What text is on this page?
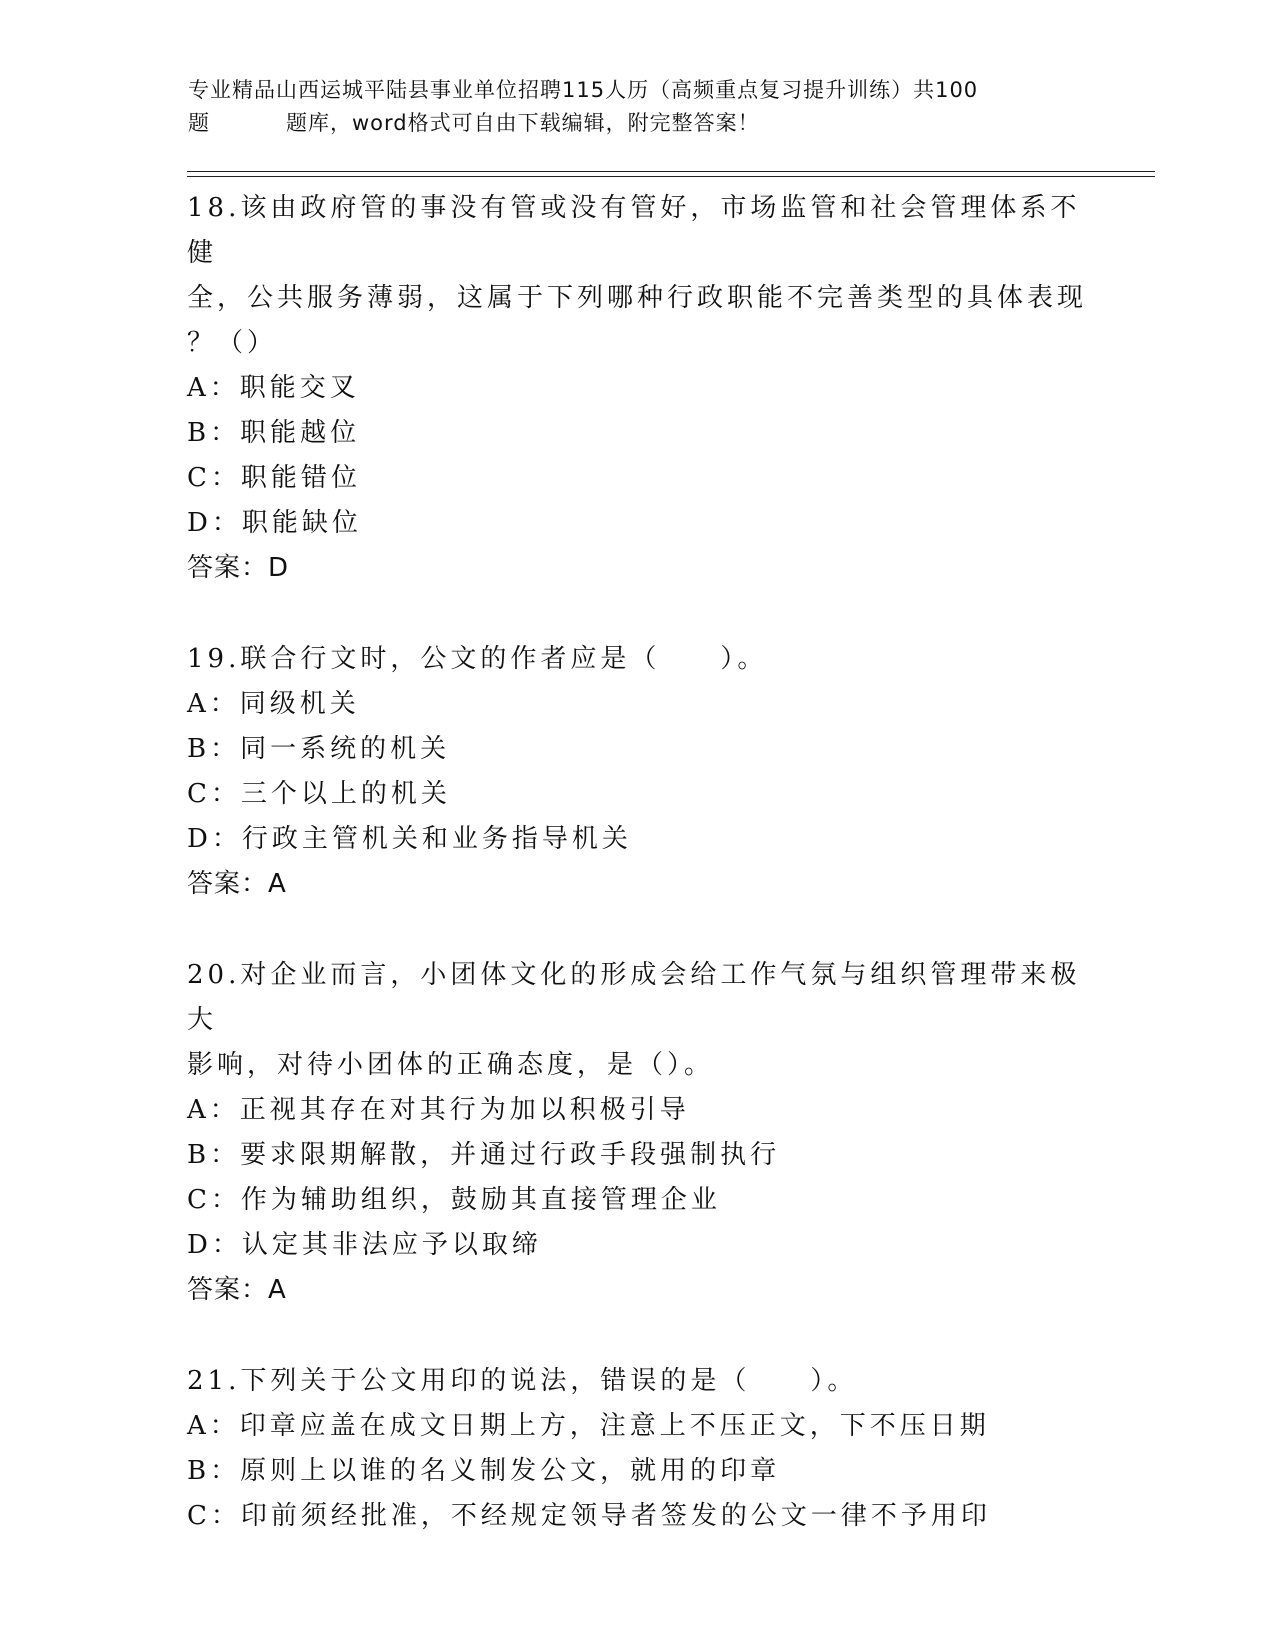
专业精品山西运城平陆县事业单位招聘115人历（高频重点复习提升训练）共100
题	题库，word格式可自由下载编辑，附完整答案！
18.该由政府管的事没有管或没有管好，市场监管和社会管理体系不健
全，公共服务薄弱，这属于下列哪种行政职能不完善类型的具体表现
？（）
A：职能交叉
B：职能越位
C：职能错位
D：职能缺位
答案：D
19.联合行文时，公文的作者应是（　　）。
A：同级机关
B：同一系统的机关
C：三个以上的机关
D：行政主管机关和业务指导机关
答案：A
20.对企业而言，小团体文化的形成会给工作气氛与组织管理带来极大
影响，对待小团体的正确态度，是（）。
A：正视其存在对其行为加以积极引导
B：要求限期解散，并通过行政手段强制执行
C：作为辅助组织，鼓励其直接管理企业
D：认定其非法应予以取缔
答案：A
21.下列关于公文用印的说法，错误的是（　　）。
A：印章应盖在成文日期上方，注意上不压正文，下不压日期
B：原则上以谁的名义制发公文，就用的印章
C：印前须经批准，不经规定领导者签发的公文一律不予用印
